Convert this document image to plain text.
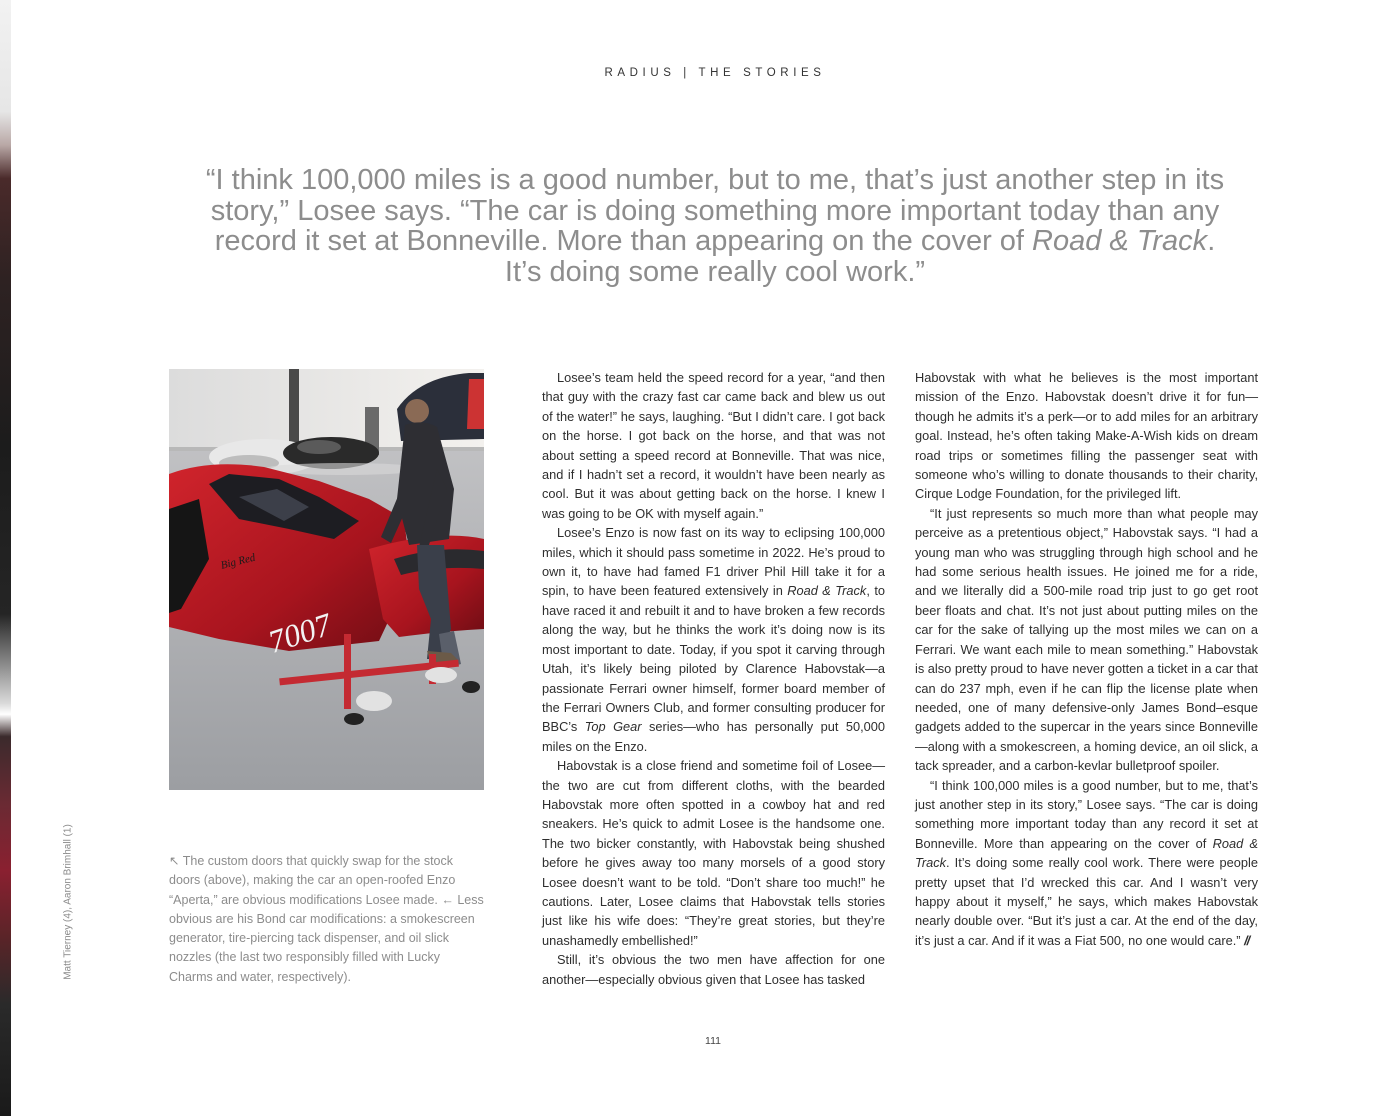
RADIUS | THE STORIES
“I think 100,000 miles is a good number, but to me, that’s just another step in its story,” Losee says. “The car is doing something more important today than any record it set at Bonneville. More than appearing on the cover of Road & Track. It’s doing some really cool work.”
7007
Big Red
Matt Tierney (4), Aaron Brimhall (1)	↖ The custom doors that quickly swap for the stock doors (above), making the car an open-roofed Enzo “Aperta,” are obvious modifications Losee made. ← Less obvious are his Bond car modifications: a smokescreen generator, tire-piercing tack dispenser, and oil slick nozzles (the last two responsibly filled with Lucky Charms and water, respectively).

Losee’s team held the speed record for a year, “and then that guy with the crazy fast car came back and blew us out of the water!” he says, laughing. “But I didn’t care. I got back on the horse. I got back on the horse, and that was not about setting a speed record at Bonneville. That was nice, and if I hadn’t set a record, it wouldn’t have been nearly as cool. But it was about getting back on the horse. I knew I was going to be OK with myself again.”

Losee’s Enzo is now fast on its way to eclipsing 100,000 miles, which it should pass sometime in 2022. He’s proud to own it, to have had famed F1 driver Phil Hill take it for a spin, to have been featured extensively in Road & Track, to have raced it and rebuilt it and to have broken a few records along the way, but he thinks the work it’s doing now is its most important to date. Today, if you spot it carving through Utah, it’s likely being piloted by Clarence Habovstak—a passionate Ferrari owner himself, former board member of the Ferrari Owners Club, and former consulting producer for BBC’s Top Gear series—who has personally put 50,000 miles on the Enzo.

Habovstak is a close friend and sometime foil of Losee—the two are cut from different cloths, with the bearded Habovstak more often spotted in a cowboy hat and red sneakers. He’s quick to admit Losee is the handsome one. The two bicker constantly, with Habovstak being shushed before he gives away too many morsels of a good story Losee doesn’t want to be told. “Don’t share too much!” he cautions. Later, Losee claims that Habovstak tells stories just like his wife does: “They’re great stories, but they’re unashamedly embellished!”

Still, it’s obvious the two men have affection for one another—especially obvious given that Losee has tasked

Habovstak with what he believes is the most important mission of the Enzo. Habovstak doesn’t drive it for fun—though he admits it’s a perk—or to add miles for an arbitrary goal. Instead, he’s often taking Make-A-Wish kids on dream road trips or sometimes filling the passenger seat with someone who’s willing to donate thousands to their charity, Cirque Lodge Foundation, for the privileged lift.

“It just represents so much more than what people may perceive as a pretentious object,” Habovstak says. “I had a young man who was struggling through high school and he had some serious health issues. He joined me for a ride, and we literally did a 500-mile road trip just to go get root beer floats and chat. It’s not just about putting miles on the car for the sake of tallying up the most miles we can on a Ferrari. We want each mile to mean something.” Habovstak is also pretty proud to have never gotten a ticket in a car that can do 237 mph, even if he can flip the license plate when needed, one of many defensive-only James Bond–esque gadgets added to the supercar in the years since Bonneville—along with a smokescreen, a homing device, an oil slick, a tack spreader, and a carbon-kevlar bulletproof spoiler.

“I think 100,000 miles is a good number, but to me, that’s just another step in its story,” Losee says. “The car is doing something more important today than any record it set at Bonneville. More than appearing on the cover of Road & Track. It’s doing some really cool work. There were people pretty upset that I’d wrecked this car. And I wasn’t very happy about it myself,” he says, which makes Habovstak nearly double over. “But it’s just a car. At the end of the day, it’s just a car. And if it was a Fiat 500, no one would care.” //

111
